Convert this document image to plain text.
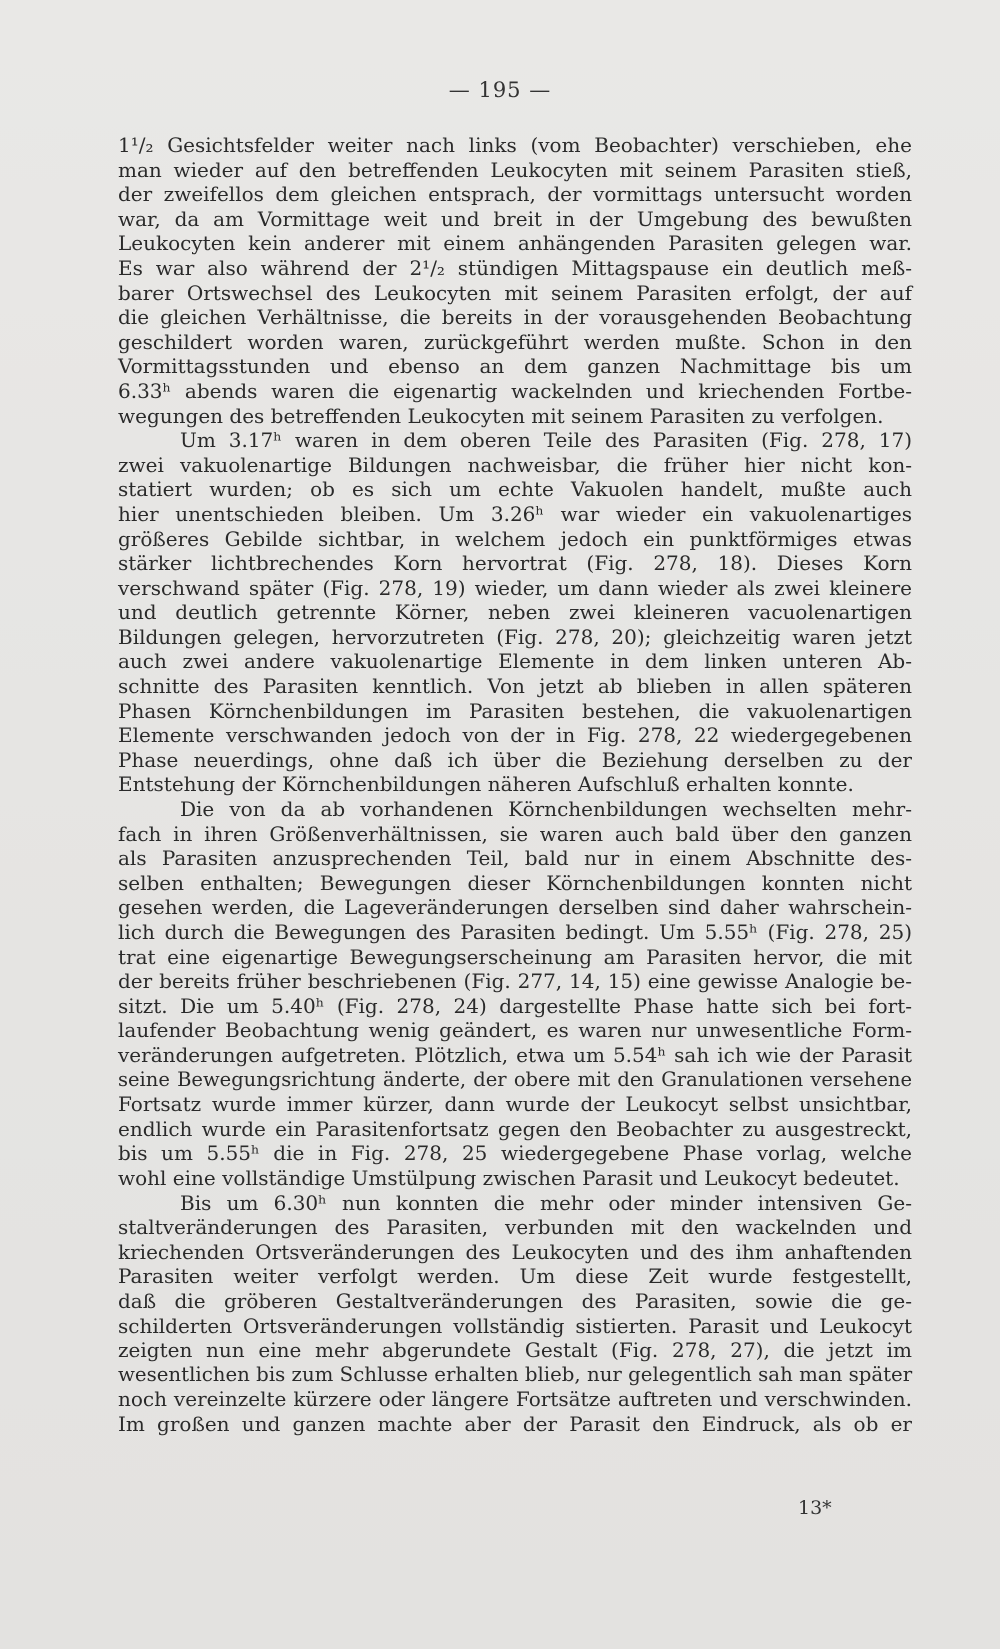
— 195 —
1¹/₂ Gesichtsfelder weiter nach links (vom Beobachter) verschieben, ehe
man wieder auf den betreffenden Leukocyten mit seinem Parasiten stieß,
der zweifellos dem gleichen entsprach, der vormittags untersucht worden
war, da am Vormittage weit und breit in der Umgebung des bewußten
Leukocyten kein anderer mit einem anhängenden Parasiten gelegen war.
Es war also während der 2¹/₂ stündigen Mittagspause ein deutlich meß-
barer Ortswechsel des Leukocyten mit seinem Parasiten erfolgt, der auf
die gleichen Verhältnisse, die bereits in der vorausgehenden Beobachtung
geschildert worden waren, zurückgeführt werden mußte. Schon in den
Vormittagsstunden und ebenso an dem ganzen Nachmittage bis um
6.33ʰ abends waren die eigenartig wackelnden und kriechenden Fortbe-
wegungen des betreffenden Leukocyten mit seinem Parasiten zu verfolgen.
Um 3.17ʰ waren in dem oberen Teile des Parasiten (Fig. 278, 17)
zwei vakuolenartige Bildungen nachweisbar, die früher hier nicht kon-
statiert wurden; ob es sich um echte Vakuolen handelt, mußte auch
hier unentschieden bleiben. Um 3.26ʰ war wieder ein vakuolenartiges
größeres Gebilde sichtbar, in welchem jedoch ein punktförmiges etwas
stärker lichtbrechendes Korn hervortrat (Fig. 278, 18). Dieses Korn
verschwand später (Fig. 278, 19) wieder, um dann wieder als zwei kleinere
und deutlich getrennte Körner, neben zwei kleineren vacuolenartigen
Bildungen gelegen, hervorzutreten (Fig. 278, 20); gleichzeitig waren jetzt
auch zwei andere vakuolenartige Elemente in dem linken unteren Ab-
schnitte des Parasiten kenntlich. Von jetzt ab blieben in allen späteren
Phasen Körnchenbildungen im Parasiten bestehen, die vakuolenartigen
Elemente verschwanden jedoch von der in Fig. 278, 22 wiedergegebenen
Phase neuerdings, ohne daß ich über die Beziehung derselben zu der
Entstehung der Körnchenbildungen näheren Aufschluß erhalten konnte.
Die von da ab vorhandenen Körnchenbildungen wechselten mehr-
fach in ihren Größenverhältnissen, sie waren auch bald über den ganzen
als Parasiten anzusprechenden Teil, bald nur in einem Abschnitte des-
selben enthalten; Bewegungen dieser Körnchenbildungen konnten nicht
gesehen werden, die Lageveränderungen derselben sind daher wahrschein-
lich durch die Bewegungen des Parasiten bedingt. Um 5.55ʰ (Fig. 278, 25)
trat eine eigenartige Bewegungserscheinung am Parasiten hervor, die mit
der bereits früher beschriebenen (Fig. 277, 14, 15) eine gewisse Analogie be-
sitzt. Die um 5.40ʰ (Fig. 278, 24) dargestellte Phase hatte sich bei fort-
laufender Beobachtung wenig geändert, es waren nur unwesentliche Form-
veränderungen aufgetreten. Plötzlich, etwa um 5.54ʰ sah ich wie der Parasit
seine Bewegungsrichtung änderte, der obere mit den Granulationen versehene
Fortsatz wurde immer kürzer, dann wurde der Leukocyt selbst unsichtbar,
endlich wurde ein Parasitenfortsatz gegen den Beobachter zu ausgestreckt,
bis um 5.55ʰ die in Fig. 278, 25 wiedergegebene Phase vorlag, welche
wohl eine vollständige Umstülpung zwischen Parasit und Leukocyt bedeutet.
Bis um 6.30ʰ nun konnten die mehr oder minder intensiven Ge-
staltveränderungen des Parasiten, verbunden mit den wackelnden und
kriechenden Ortsveränderungen des Leukocyten und des ihm anhaftenden
Parasiten weiter verfolgt werden. Um diese Zeit wurde festgestellt,
daß die gröberen Gestaltveränderungen des Parasiten, sowie die ge-
schilderten Ortsveränderungen vollständig sistierten. Parasit und Leukocyt
zeigten nun eine mehr abgerundete Gestalt (Fig. 278, 27), die jetzt im
wesentlichen bis zum Schlusse erhalten blieb, nur gelegentlich sah man später
noch vereinzelte kürzere oder längere Fortsätze auftreten und verschwinden.
Im großen und ganzen machte aber der Parasit den Eindruck, als ob er
13*
